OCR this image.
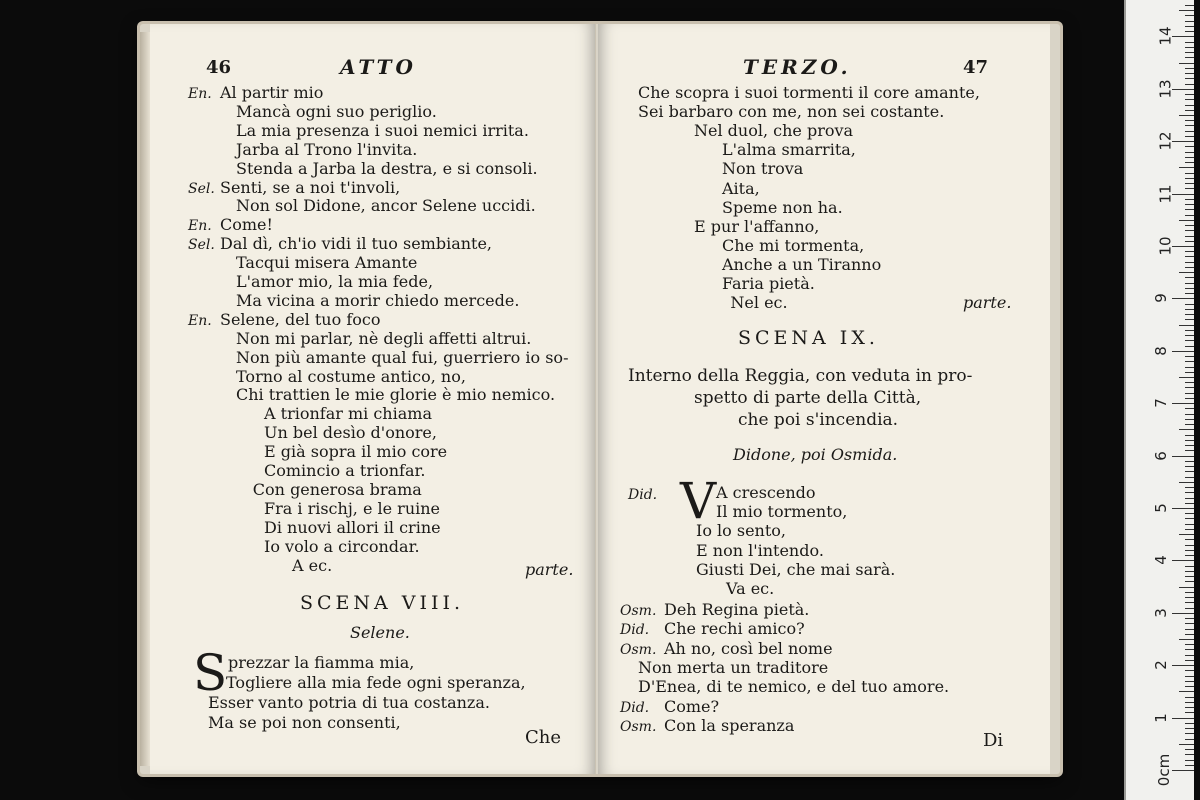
46	ATTO
En. Al partir mio
Mancà ogni suo periglio.
La mia presenza i suoi nemici irrita.
Jarba al Trono l'invita.
Stenda a Jarba la destra, e si consoli.
Sel. Senti, se a noi t'involi,
Non sol Didone, ancor Selene uccidi.
En. Come!
Sel. Dal dì, ch'io vidi il tuo sembiante,
Tacqui misera Amante
L'amor mio, la mia fede,
Ma vicina a morir chiedo mercede.
En. Selene, del tuo foco
Non mi parlar, nè degli affetti altrui.
Non più amante qual fui, guerriero io so-
Torno al costume antico, no,
Chi trattien le mie glorie è mio nemico.
A trionfar mi chiama
Un bel desìo d'onore,
E già sopra il mio core
Comincio a trionfar.
Con generosa brama
Fra i rischj, e le ruine
Di nuovi allori il crine
Io volo a circondar.
A ec.	parte.
SCENA VIII.
Selene.
S prezzar la fiamma mia,
Togliere alla mia fede ogni speranza,
Esser vanto potria di tua costanza.
Ma se poi non consenti,
Che
TERZO.	47
Che scopra i suoi tormenti il core amante,
Sei barbaro con me, non sei costante.
Nel duol, che prova
L'alma smarrita,
Non trova
Aita,
Speme non ha.
E pur l'affanno,
Che mi tormenta,
Anche a un Tiranno
Faria pietà.
Nel ec.	parte.
SCENA IX.
Interno della Reggia, con veduta in pro-
spetto di parte della Città,
che poi s'incendia.
Didone, poi Osmida.
Did. V A crescendo
Il mio tormento,
Io lo sento,
E non l'intendo.
Giusti Dei, che mai sarà.
Va ec.
Osm. Deh Regina pietà.
Did. Che rechi amico?
Osm. Ah no, così bel nome
Non merta un traditore
D'Enea, di te nemico, e del tuo amore.
Did. Come?
Osm. Con la speranza
Di
0cm
1
2
3
4
5
6
7
8
9
10
11
12
13
14
